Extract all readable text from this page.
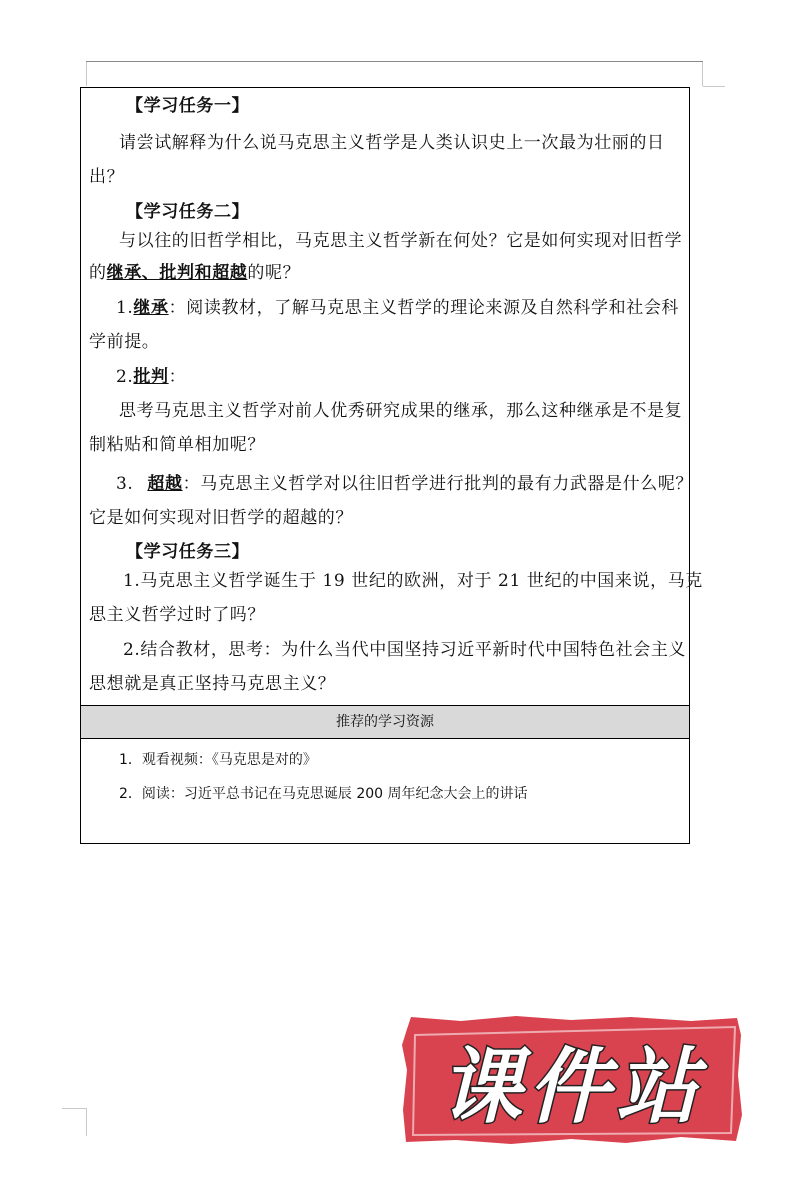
【学习任务一】
请尝试解释为什么说马克思主义哲学是人类认识史上一次最为壮丽的日
出？
【学习任务二】
与以往的旧哲学相比，马克思主义哲学新在何处？它是如何实现对旧哲学
的继承、批判和超越的呢？
1.继承：阅读教材，了解马克思主义哲学的理论来源及自然科学和社会科
学前提。
2.批判：
思考马克思主义哲学对前人优秀研究成果的继承，那么这种继承是不是复
制粘贴和简单相加呢？
3. 超越：马克思主义哲学对以往旧哲学进行批判的最有力武器是什么呢？
它是如何实现对旧哲学的超越的？
【学习任务三】
1.马克思主义哲学诞生于 19 世纪的欧洲，对于 21 世纪的中国来说，马克
思主义哲学过时了吗？
2.结合教材，思考：为什么当代中国坚持习近平新时代中国特色社会主义
思想就是真正坚持马克思主义？
推荐的学习资源
1．观看视频：《马克思是对的》
2．阅读：习近平总书记在马克思诞辰 200 周年纪念大会上的讲话
课件站
